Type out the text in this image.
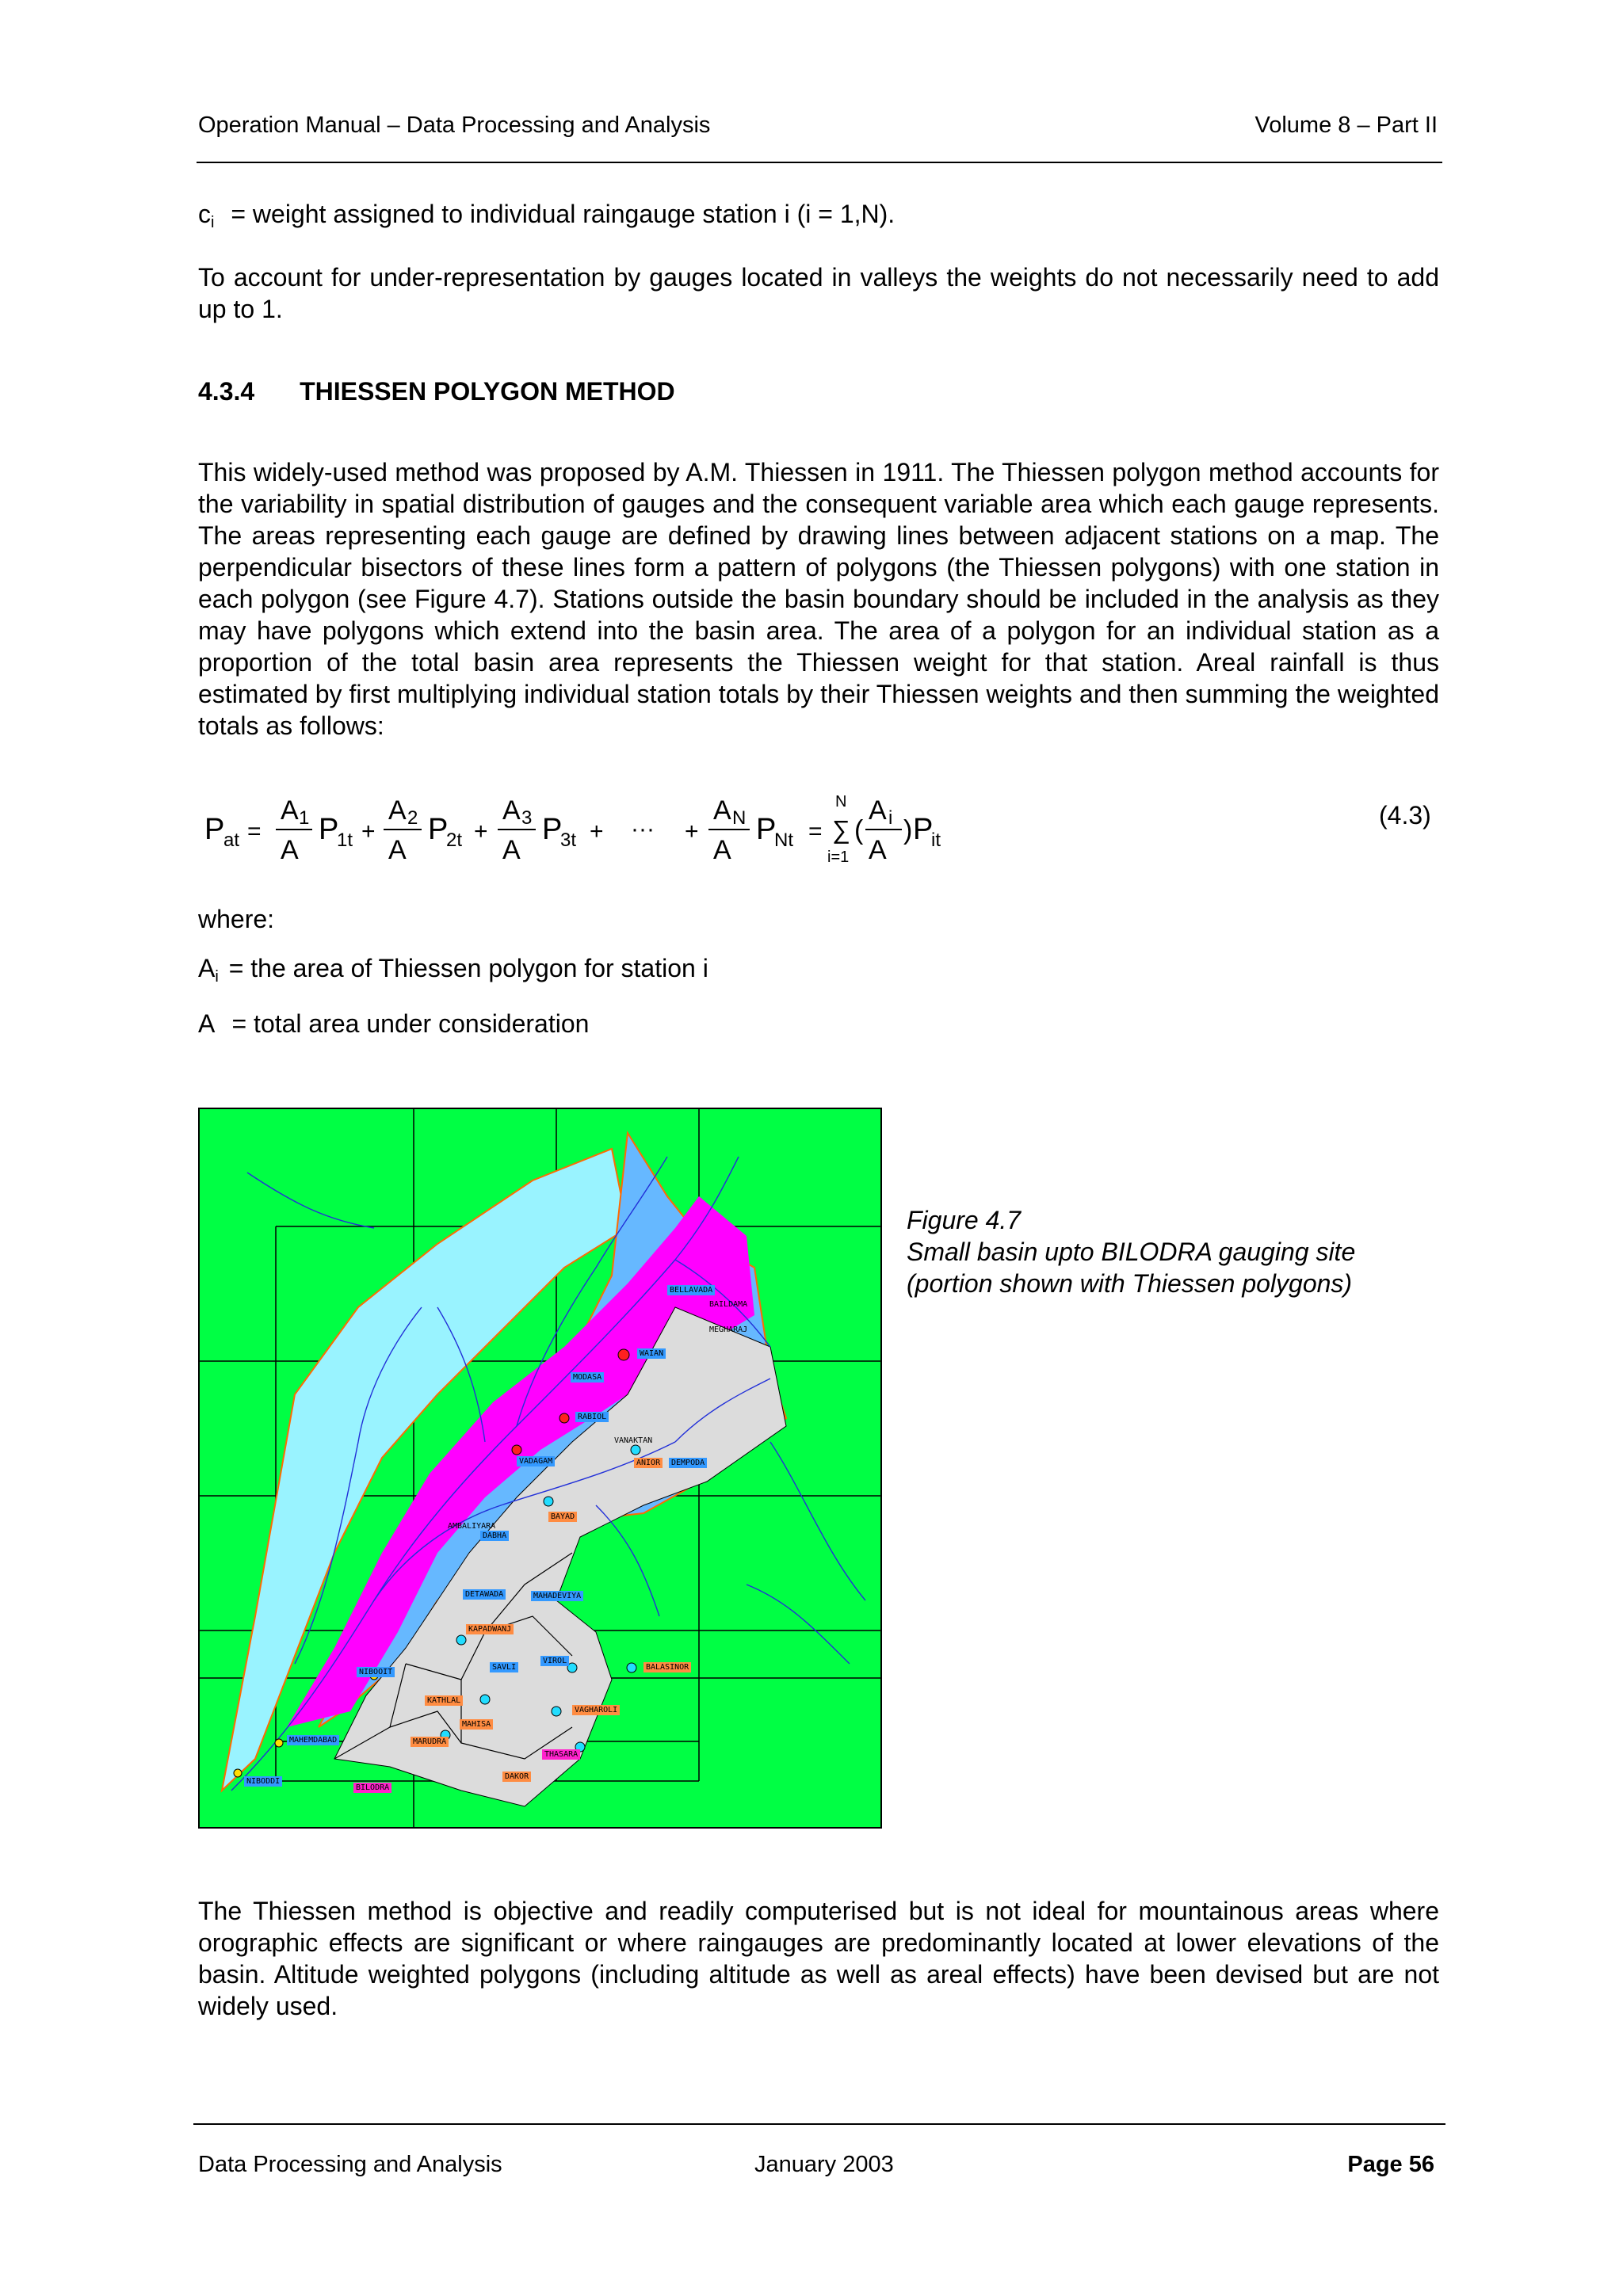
Operation Manual – Data Processing and Analysis	Volume 8 – Part II
$c_i$ = weight assigned to individual raingauge station i (i = 1,N).

To account for under-representation by gauges located in valleys the weights do not necessarily need to add up to 1.

4.3.4 THIESSEN POLYGON METHOD

This widely-used method was proposed by A.M. Thiessen in 1911. The Thiessen polygon method accounts for the variability in spatial distribution of gauges and the consequent variable area which each gauge represents. The areas representing each gauge are defined by drawing lines between adjacent stations on a map. The perpendicular bisectors of these lines form a pattern of polygons (the Thiessen polygons) with one station in each polygon (see Figure 4.7). Stations outside the basin boundary should be included in the analysis as they may have polygons which extend into the basin area. The area of a polygon for an individual station as a proportion of the total basin area represents the Thiessen weight for that station. Areal rainfall is thus estimated by first multiplying individual station totals by their Thiessen weights and then summing the weighted totals as follows:

P
at =
A 1
A
P
1t +
A 2
A
P
2t +
A 3
A
P
3t + ··· +
A N
A
P
Nt =
N
∑
i=1
(
A i
A
) P
it
(4.3)
where:
$A_i$ = the area of Thiessen polygon for station i
A = total area under consideration
BELLAVADA
BAILDAMA
WAIAN
MEGHARAJ
MODASA
RABIOL
VADAGAM
VANAKTAN
ANIOR	DEMPODA
BAYAD
AMBALIYARA
DABHA
DETAWADA	MAHADEVIYA
KAPADWANJ
SAVLI
VIROL
BALASINOR
NIBOOIT
KATHLAL
MAHISA
VAGHAROLI
MAHEMDABAD	MARUDRA
THASARA
DAKOR
NIBODDI
BILODRA
Figure 4.7
Small basin upto BILODRA gauging site
(portion shown with Thiessen polygons)

The Thiessen method is objective and readily computerised but is not ideal for mountainous areas where orographic effects are significant or where raingauges are predominantly located at lower elevations of the basin. Altitude weighted polygons (including altitude as well as areal effects) have been devised but are not widely used.

Data Processing and Analysis	January 2003	Page 56
